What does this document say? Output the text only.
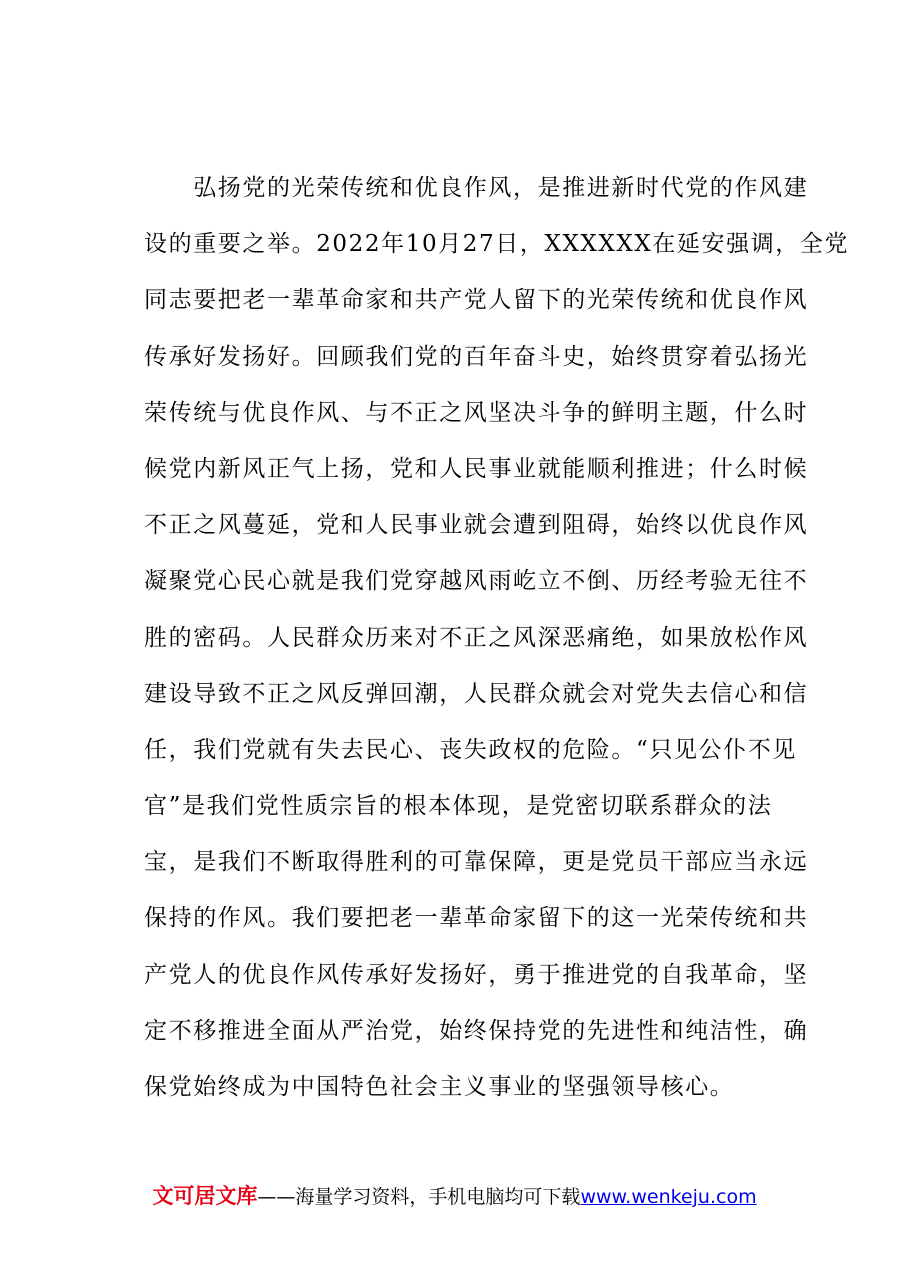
　　弘扬党的光荣传统和优良作风，是推进新时代党的作风建
设的重要之举。2022年10月27日，XXXXXX在延安强调，全党
同志要把老一辈革命家和共产党人留下的光荣传统和优良作风
传承好发扬好。回顾我们党的百年奋斗史，始终贯穿着弘扬光
荣传统与优良作风、与不正之风坚决斗争的鲜明主题，什么时
候党内新风正气上扬，党和人民事业就能顺利推进；什么时候
不正之风蔓延，党和人民事业就会遭到阻碍，始终以优良作风
凝聚党心民心就是我们党穿越风雨屹立不倒、历经考验无往不
胜的密码。人民群众历来对不正之风深恶痛绝，如果放松作风
建设导致不正之风反弹回潮，人民群众就会对党失去信心和信
任，我们党就有失去民心、丧失政权的危险。“只见公仆不见
官”是我们党性质宗旨的根本体现，是党密切联系群众的法
宝，是我们不断取得胜利的可靠保障，更是党员干部应当永远
保持的作风。我们要把老一辈革命家留下的这一光荣传统和共
产党人的优良作风传承好发扬好，勇于推进党的自我革命，坚
定不移推进全面从严治党，始终保持党的先进性和纯洁性，确
保党始终成为中国特色社会主义事业的坚强领导核心。
文可居文库——海量学习资料，手机电脑均可下载www.wenkeju.com
